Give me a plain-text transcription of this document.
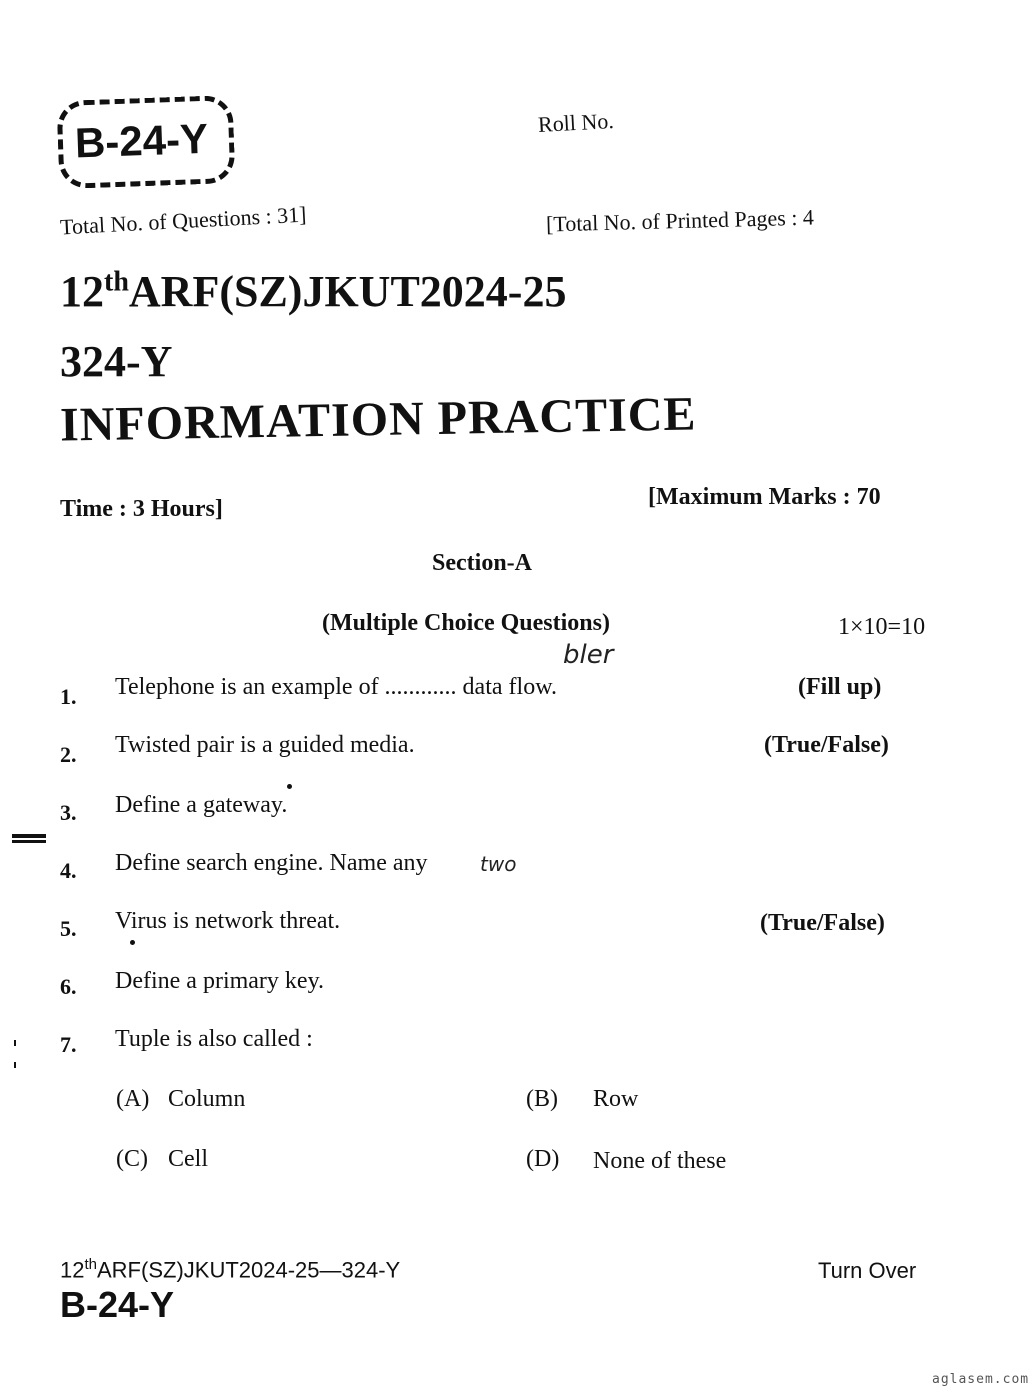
B-24-Y	Roll No.
Total No. of Questions : 31]	[Total No. of Printed Pages : 4
12thARF(SZ)JKUT2024-25
324-Y
INFORMATION PRACTICE
Time : 3 Hours]	[Maximum Marks : 70
Section-A
(Multiple Choice Questions)	1×10=10
bler
1. Telephone is an example of ............ data flow.	(Fill up)
2. Twisted pair is a guided media.	(True/False)
3. Define a gateway.
4. Define search engine. Name any	two
5. Virus is network threat.	(True/False)
6. Define a primary key.
7. Tuple is also called :
(A) Column	(B) Row
(C) Cell	(D) None of these
12thARF(SZ)JKUT2024-25—324-Y
B-24-Y
Turn Over
aglasem.com
